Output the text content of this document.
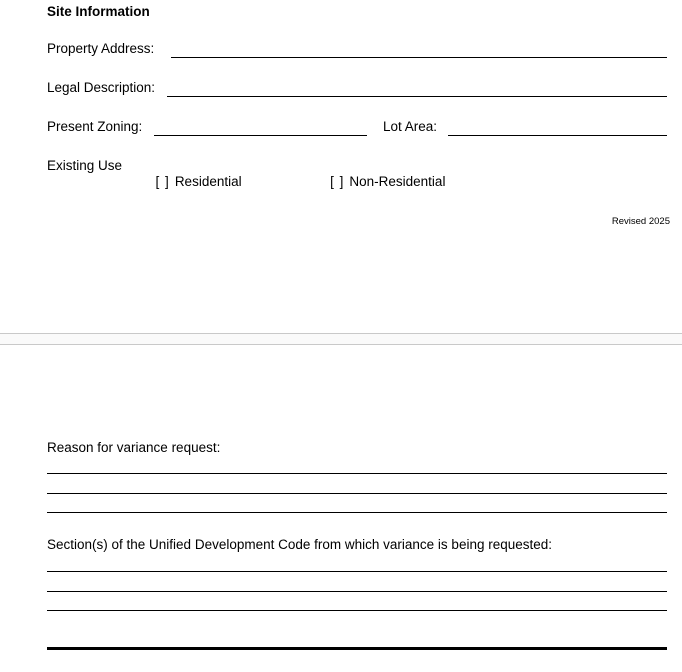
Site Information
Property Address:
Legal Description:
Present Zoning:	Lot Area:
Existing Use

[ ] Residential
	[ ] Non-Residential

Revised 2025
Reason for variance request:
Section(s) of the Unified Development Code from which variance is being requested:
